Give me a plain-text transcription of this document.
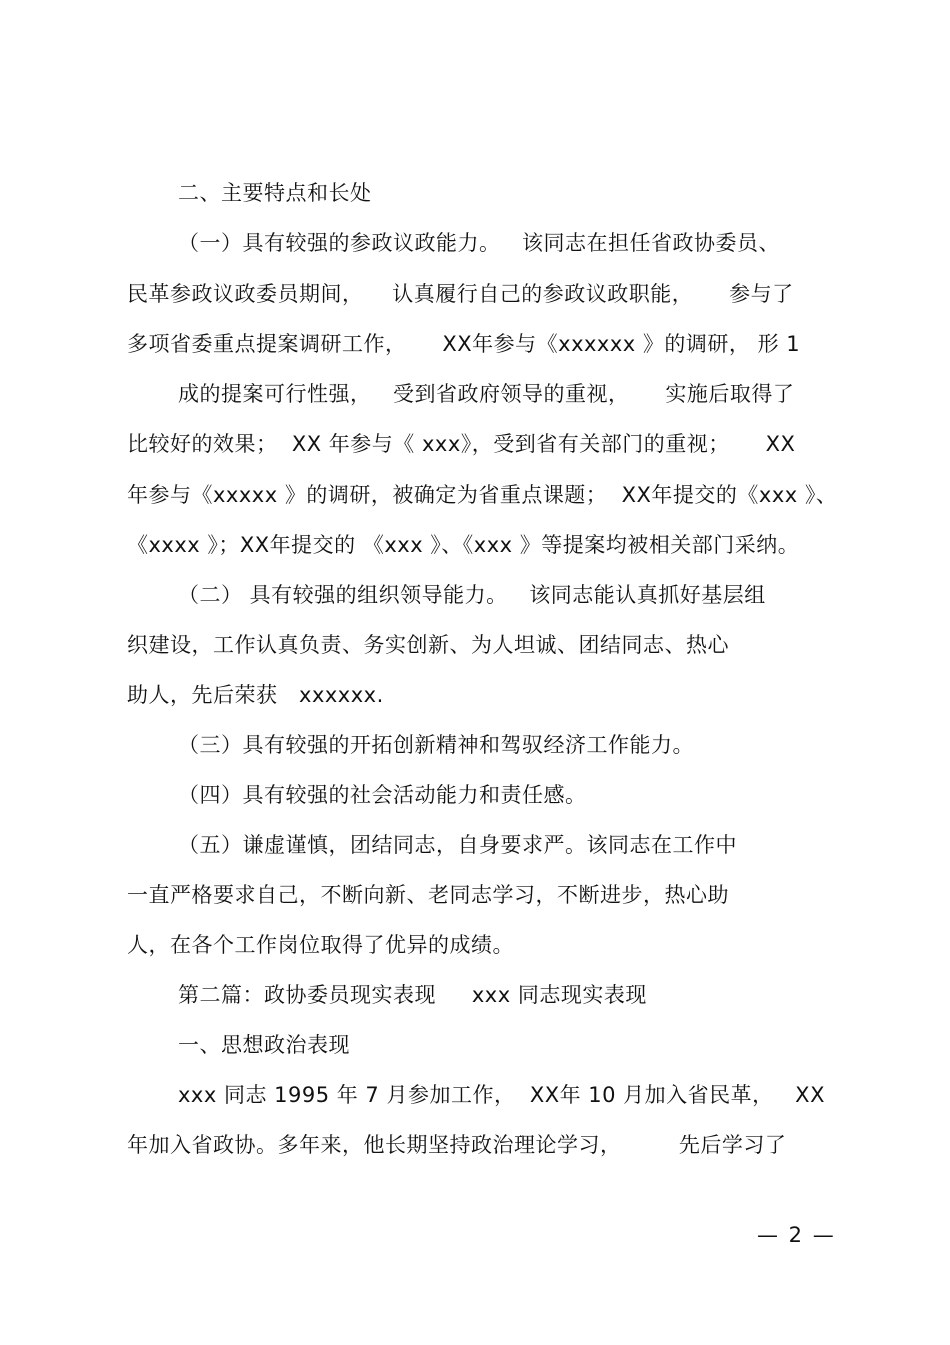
二、主要特点和长处
（一）具有较强的参政议政能力。   该同志在担任省政协委员、
民革参政议政委员期间，    认真履行自己的参政议政职能，     参与了
多项省委重点提案调研工作，     XX年参与《xxxxxx 》的调研， 形 1
成的提案可行性强，   受到省政府领导的重视，     实施后取得了
比较好的效果；  XX 年参与《 xxx》，受到省有关部门的重视；     XX
年参与《xxxxx 》的调研，被确定为省重点课题；  XX年提交的《xxx 》、
《xxxx 》；XX年提交的 《xxx 》、《xxx 》等提案均被相关部门采纳。
（二） 具有较强的组织领导能力。   该同志能认真抓好基层组
织建设，工作认真负责、务实创新、为人坦诚、团结同志、热心
助人，先后荣获   xxxxxx.
（三）具有较强的开拓创新精神和驾驭经济工作能力。
（四）具有较强的社会活动能力和责任感。
（五）谦虚谨慎，团结同志，自身要求严。该同志在工作中
一直严格要求自己，不断向新、老同志学习，不断进步，热心助
人，在各个工作岗位取得了优异的成绩。
第二篇：政协委员现实表现     xxx 同志现实表现
一、思想政治表现
xxx 同志 1995 年 7 月参加工作，  XX年 10 月加入省民革，   XX
年加入省政协。多年来，他长期坚持政治理论学习，        先后学习了
— 2 —
